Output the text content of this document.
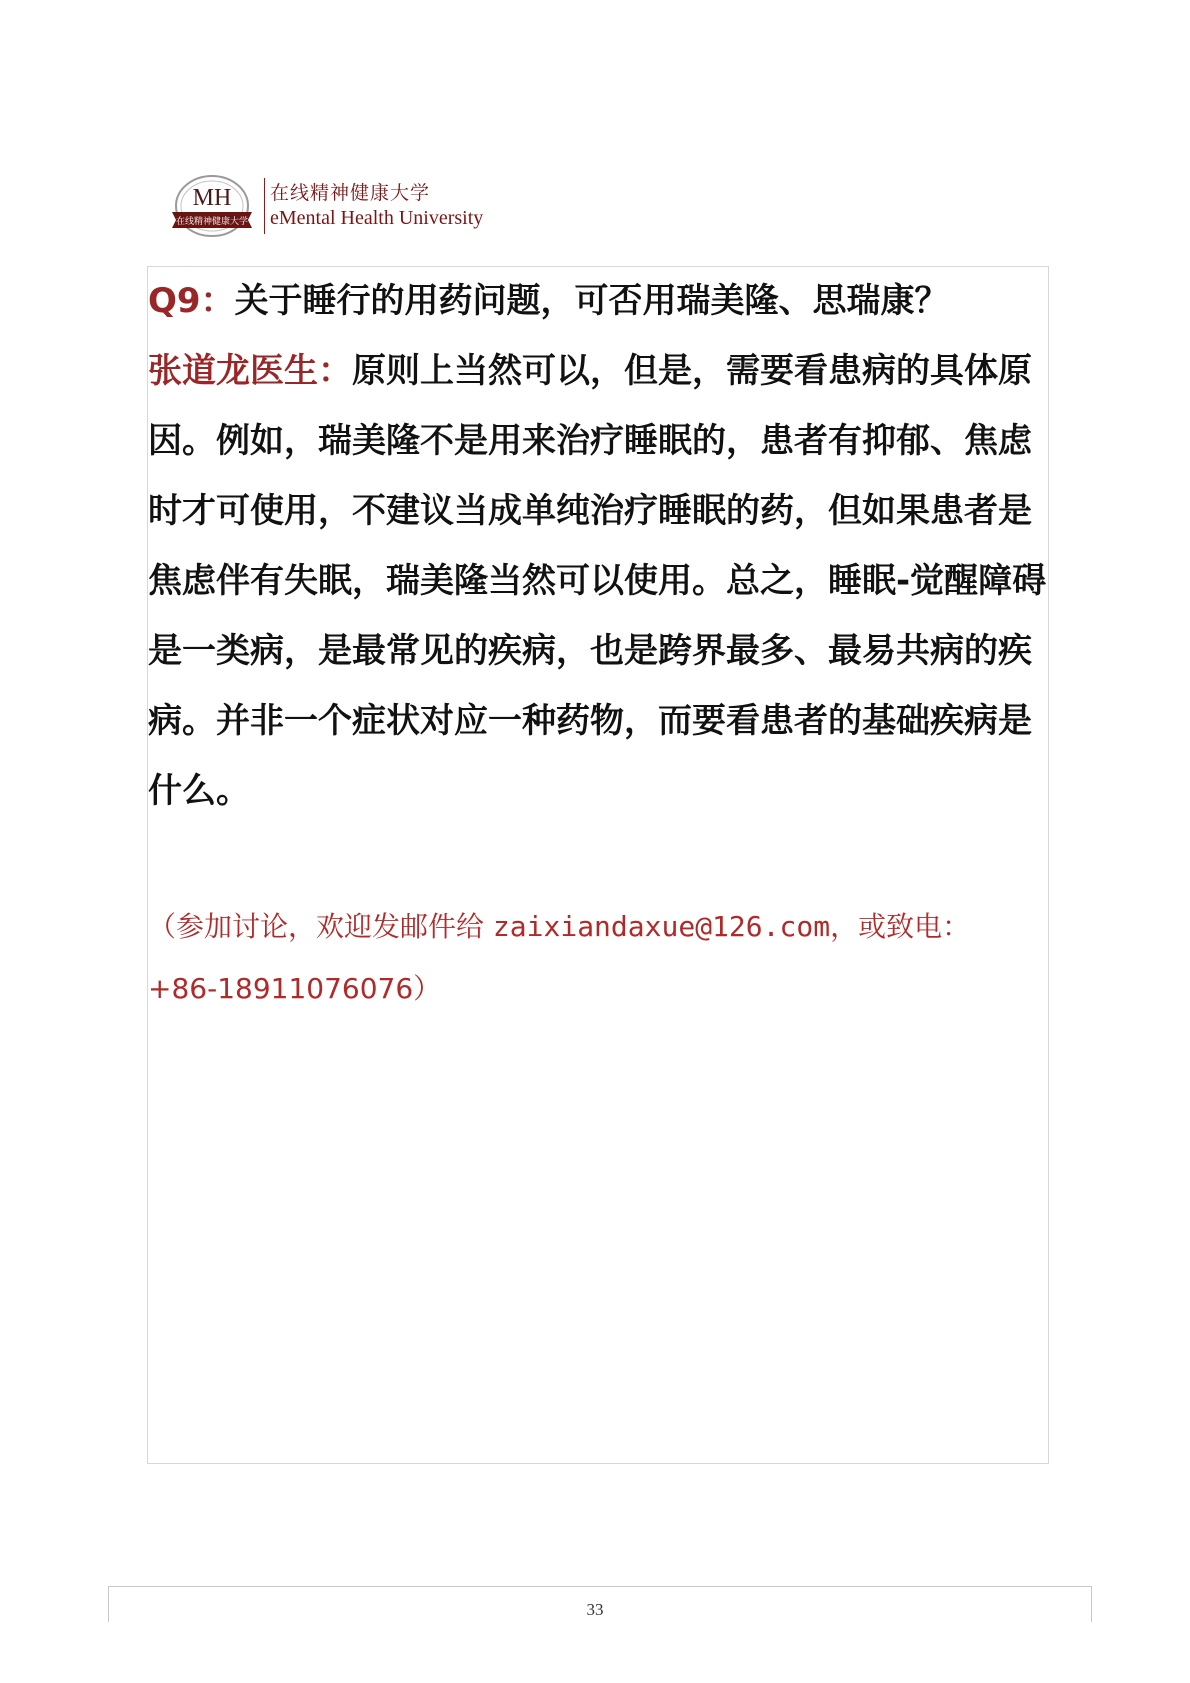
MH
在线精神健康大学
在线精神健康大学
eMental Health University

Q9：关于睡行的用药问题，可否用瑞美隆、思瑞康？

张道龙医生：原则上当然可以，但是，需要看患病的具体原因。例如，瑞美隆不是用来治疗睡眠的，患者有抑郁、焦虑时才可使用，不建议当成单纯治疗睡眠的药，但如果患者是焦虑伴有失眠，瑞美隆当然可以使用。总之，睡眠-觉醒障碍是一类病，是最常见的疾病，也是跨界最多、最易共病的疾病。并非一个症状对应一种药物，而要看患者的基础疾病是什么。

（参加讨论，欢迎发邮件给 zaixiandaxue@126.com，或致电：

+86-18911076076）

33
